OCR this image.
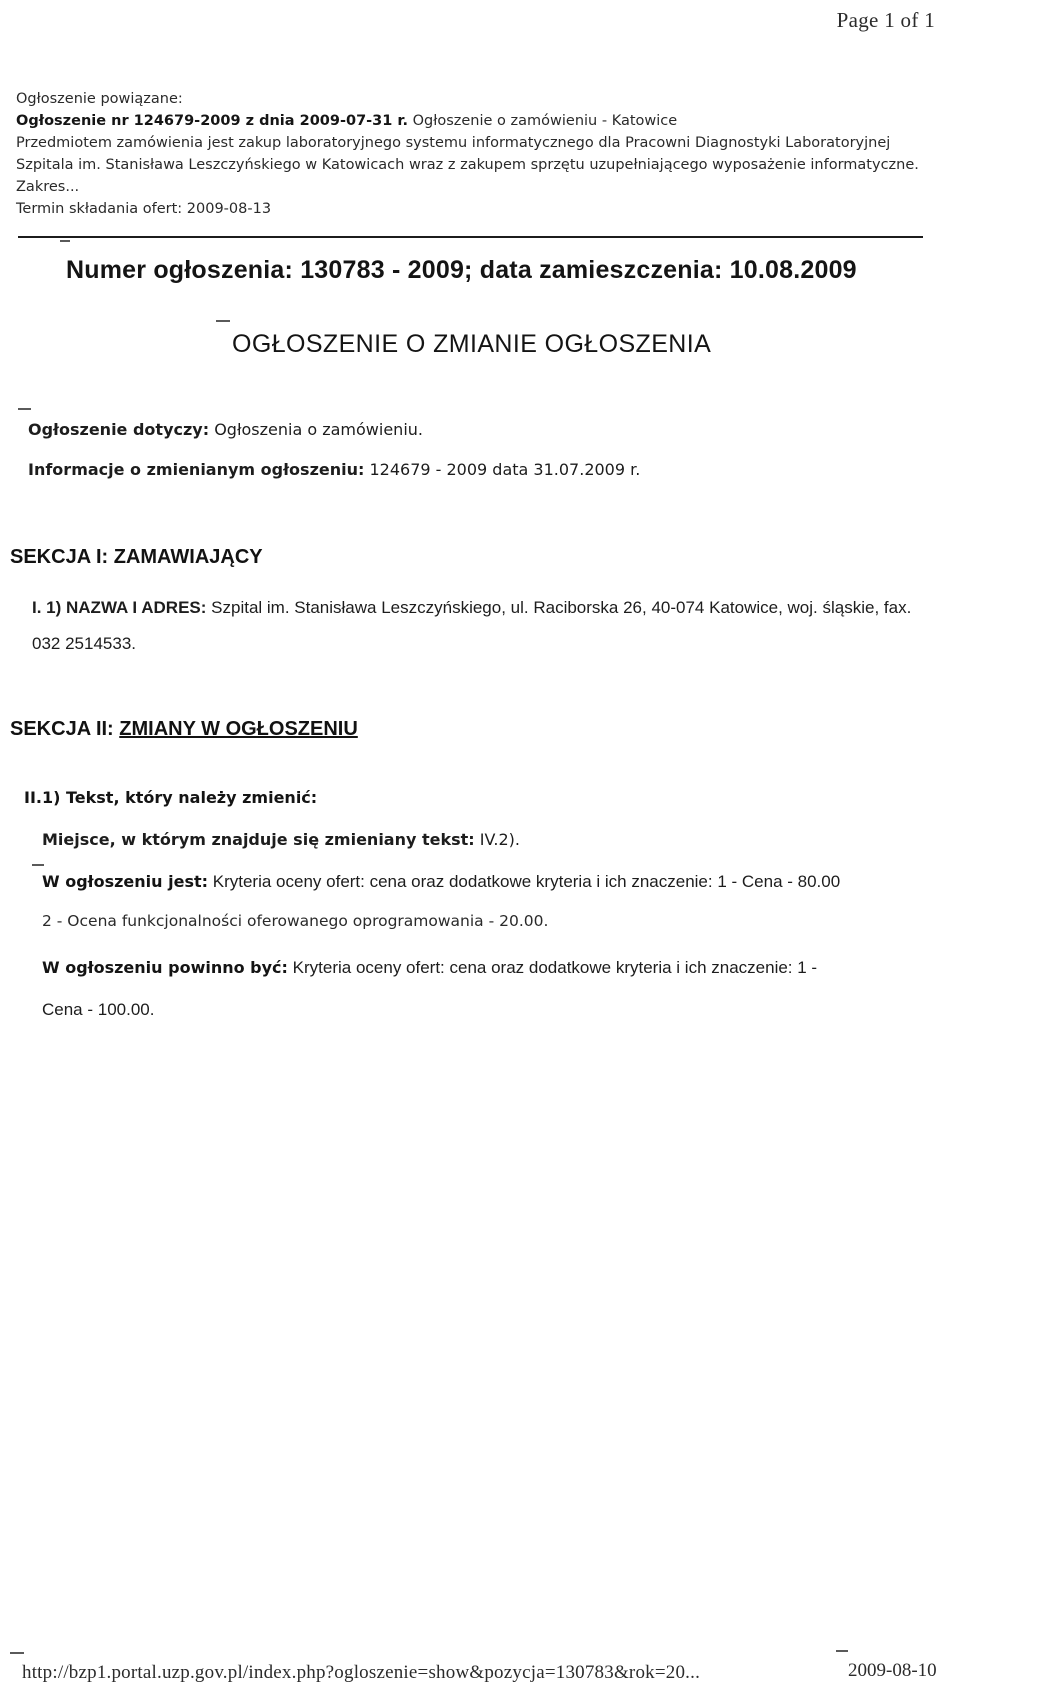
Page 1 of 1
Ogłoszenie powiązane:
Ogłoszenie nr 124679-2009 z dnia 2009-07-31 r. Ogłoszenie o zamówieniu - Katowice
Przedmiotem zamówienia jest zakup laboratoryjnego systemu informatycznego dla Pracowni Diagnostyki Laboratoryjnej Szpitala im. Stanisława Leszczyńskiego w Katowicach wraz z zakupem sprzętu uzupełniającego wyposażenie informatyczne. Zakres...
Termin składania ofert: 2009-08-13
Numer ogłoszenia: 130783 - 2009; data zamieszczenia: 10.08.2009
OGŁOSZENIE O ZMIANIE OGŁOSZENIA
Ogłoszenie dotyczy: Ogłoszenia o zamówieniu.
Informacje o zmienianym ogłoszeniu: 124679 - 2009 data 31.07.2009 r.
SEKCJA I: ZAMAWIAJĄCY
I. 1) NAZWA I ADRES: Szpital im. Stanisława Leszczyńskiego, ul. Raciborska 26, 40-074 Katowice, woj. śląskie, fax. 032 2514533.
SEKCJA II: ZMIANY W OGŁOSZENIU
II.1) Tekst, który należy zmienić:
Miejsce, w którym znajduje się zmieniany tekst: IV.2).
W ogłoszeniu jest: Kryteria oceny ofert: cena oraz dodatkowe kryteria i ich znaczenie: 1 - Cena - 80.00
2 - Ocena funkcjonalności oferowanego oprogramowania - 20.00.
W ogłoszeniu powinno być: Kryteria oceny ofert: cena oraz dodatkowe kryteria i ich znaczenie: 1 -
Cena - 100.00.
http://bzp1.portal.uzp.gov.pl/index.php?ogloszenie=show&pozycja=130783&rok=20...	2009-08-10
